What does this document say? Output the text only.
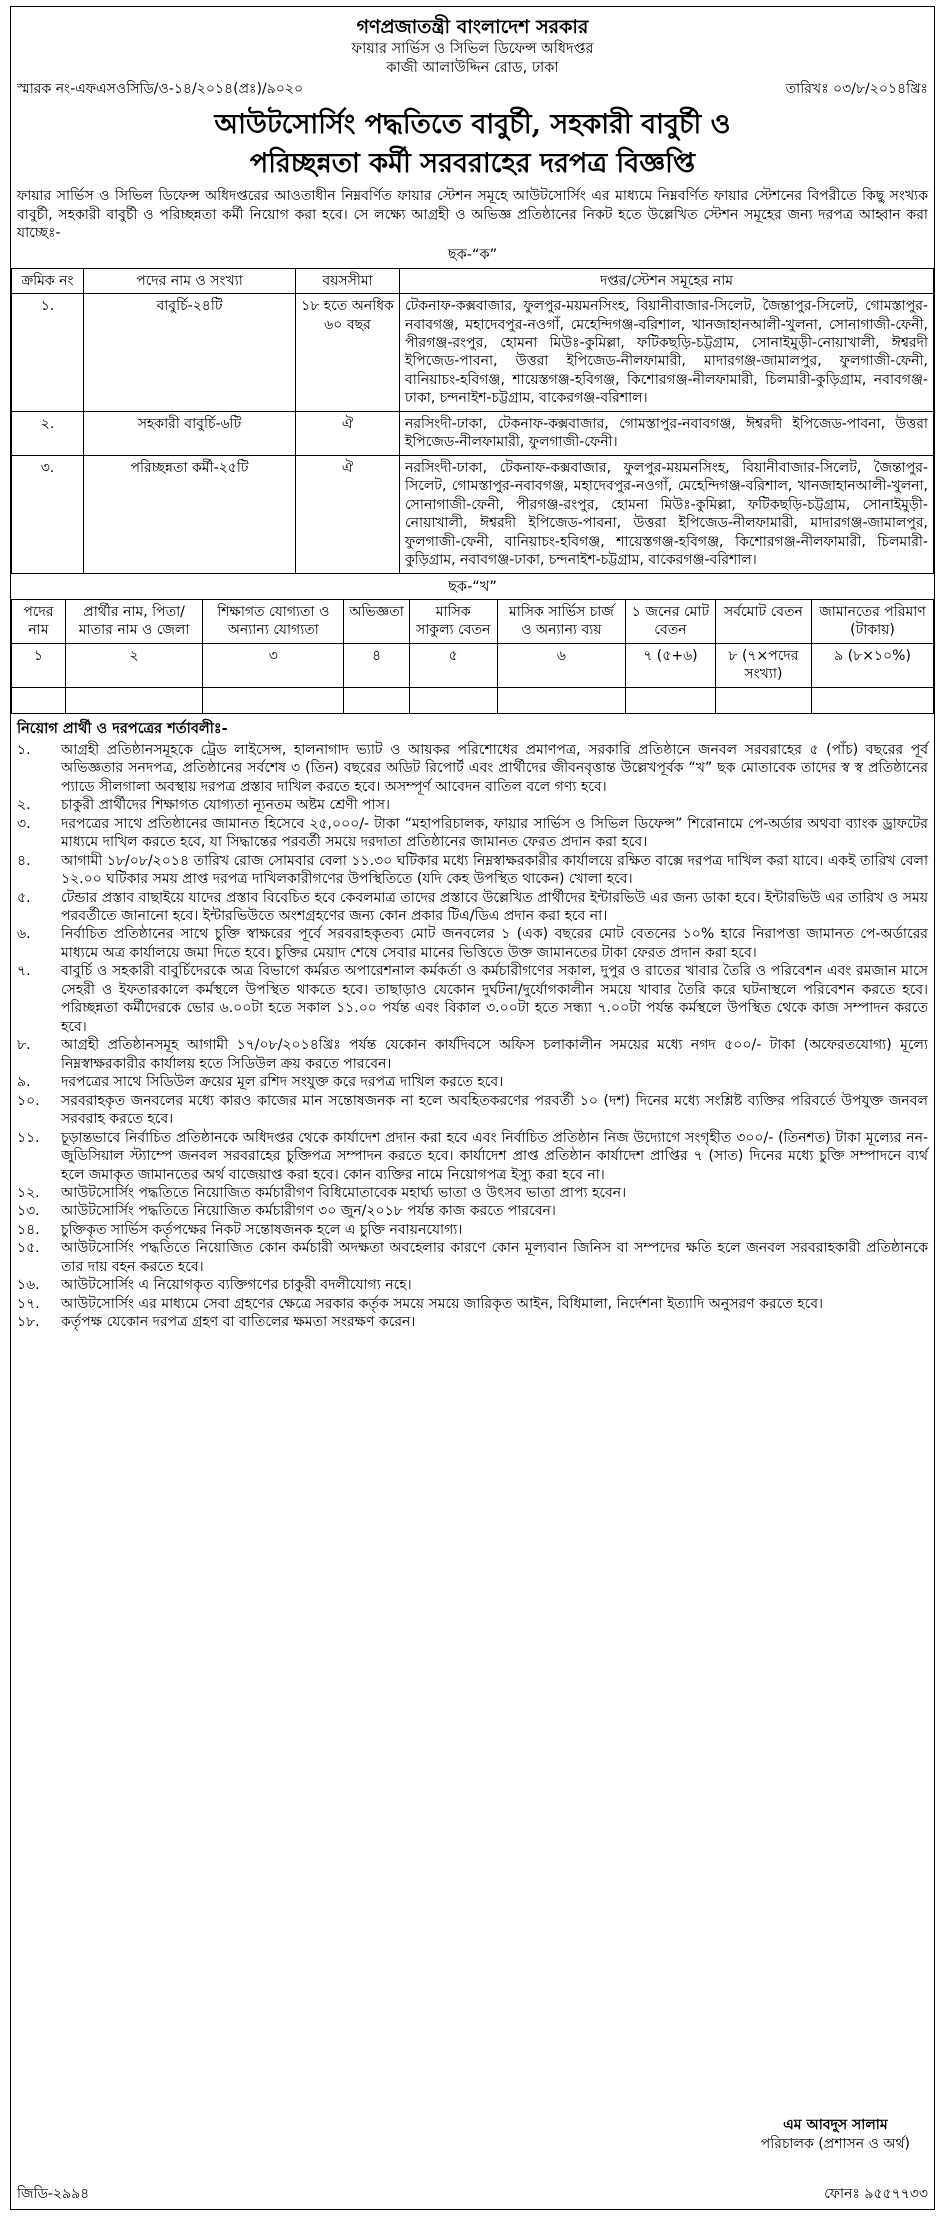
গণপ্রজাতন্ত্রী বাংলাদেশ সরকার
ফায়ার সার্ভিস ও সিভিল ডিফেন্স অধিদপ্তর
কাজী আলাউদ্দিন রোড, ঢাকা
স্মারক নং-এফএসওসিডি/ও-১৪/২০১৪(প্রঃ)/৯০২০	তারিখঃ ০৩/৮/২০১৪খ্রিঃ
আউটসোর্সিং পদ্ধতিতে বাবুর্চী, সহকারী বাবুর্চী ও
পরিচ্ছন্নতা কর্মী সরবরাহের দরপত্র বিজ্ঞপ্তি
ফায়ার সার্ভিস ও সিভিল ডিফেন্স অধিদপ্তরের আওতাধীন নিম্নবর্ণিত ফায়ার স্টেশন সমূহে আউটসোর্সিং এর মাধ্যমে নিম্নবর্ণিত ফায়ার স্টেশনের বিপরীতে কিছু সংখ্যক বাবুর্চী, সহকারী বাবুর্চী ও পরিচ্ছন্নতা কর্মী নিয়োগ করা হবে। সে লক্ষ্যে আগ্রহী ও অভিজ্ঞ প্রতিষ্ঠানের নিকট হতে উল্লেখিত স্টেশন সমূহের জন্য দরপত্র আহ্বান করা যাচ্ছেঃ-
ছক-“ক”
ক্রমিক নং	পদের নাম ও সংখ্যা	বয়সসীমা	দপ্তর/স্টেশন সমূহের নাম
১.	বাবুর্চি-২৪টি	১৮ হতে অনধিক ৬০ বছর	টেকনাফ-কক্সবাজার, ফুলপুর-ময়মনসিংহ, বিয়ানীবাজার-সিলেট, জৈন্তাপুর-সিলেট, গোমস্তাপুর-নবাবগঞ্জ, মহাদেবপুর-নওগাঁ, মেহেন্দিগঞ্জ-বরিশাল, খানজাহানআলী-খুলনা, সোনাগাজী-ফেনী, পীরগঞ্জ-রংপুর, হোমনা মিউঃ-কুমিল্লা, ফটিকছড়ি-চট্টগ্রাম, সোনাইমুড়ী-নোয়াখালী, ঈশ্বরদী ইপিজেড-পাবনা, উত্তরা ইপিজেড-নীলফামারী, মাদারগঞ্জ-জামালপুর, ফুলগাজী-ফেনী, বানিয়াচং-হবিগঞ্জ, শায়েস্তগঞ্জ-হবিগঞ্জ, কিশোরগঞ্জ-নীলফামারী, চিলমারী-কুড়িগ্রাম, নবাবগঞ্জ-ঢাকা, চন্দনাইশ-চট্টগ্রাম, বাকেরগঞ্জ-বরিশাল।
২.	সহকারী বাবুর্চি-৬টি	ঐ	নরসিংদী-ঢাকা, টেকনাফ-কক্সবাজার, গোমস্তাপুর-নবাবগঞ্জ, ঈশ্বরদী ইপিজেড-পাবনা, উত্তরা ইপিজেড-নীলফামারী, ফুলগাজী-ফেনী।
৩.	পরিচ্ছন্নতা কর্মী-২৫টি	ঐ	নরসিংদী-ঢাকা, টেকনাফ-কক্সবাজার, ফুলপুর-ময়মনসিংহ, বিয়ানীবাজার-সিলেট, জৈন্তাপুর-সিলেট, গোমস্তাপুর-নবাবগঞ্জ, মহাদেবপুর-নওগাঁ, মেহেন্দিগঞ্জ-বরিশাল, খানজাহানআলী-খুলনা, সোনাগাজী-ফেনী, পীরগঞ্জ-রংপুর, হোমনা মিউঃ-কুমিল্লা, ফটিকছড়ি-চট্টগ্রাম, সোনাইমুড়ী-নোয়াখালী, ঈশ্বরদী ইপিজেড-পাবনা, উত্তরা ইপিজেড-নীলফামারী, মাদারগঞ্জ-জামালপুর, ফুলগাজী-ফেনী, বানিয়াচং-হবিগঞ্জ, শায়েস্তগঞ্জ-হবিগঞ্জ, কিশোরগঞ্জ-নীলফামারী, চিলমারী-কুড়িগ্রাম, নবাবগঞ্জ-ঢাকা, চন্দনাইশ-চট্টগ্রাম, বাকেরগঞ্জ-বরিশাল।
ছক-“খ”
পদের নাম	প্রার্থীর নাম, পিতা/মাতার নাম ও জেলা	শিক্ষাগত যোগ্যতা ও অন্যান্য যোগ্যতা	অভিজ্ঞতা	মাসিক সাকুল্য বেতন	মাসিক সার্ভিস চার্জ ও অন্যান্য ব্যয়	১ জনের মোট বেতন	সর্বমোট বেতন	জামানতের পরিমাণ (টাকায়)
১	২	৩	৪	৫	৬	৭ (৫+৬)	৮ (৭×পদের সংখ্যা)	৯ (৮×১০%)

নিয়োগ প্রার্থী ও দরপত্রের শর্তাবলীঃ-
১.	আগ্রহী প্রতিষ্ঠানসমূহকে ট্রেড লাইসেন্স, হালনাগাদ ভ্যাট ও আয়কর পরিশোধের প্রমাণপত্র, সরকারি প্রতিষ্ঠানে জনবল সরবরাহের ৫ (পাঁচ) বছরের পূর্ব অভিজ্ঞতার সনদপত্র, প্রতিষ্ঠানের সর্বশেষ ৩ (তিন) বছরের অডিট রিপোর্ট এবং প্রার্থীদের জীবনবৃত্তান্ত উল্লেখপূর্বক “খ” ছক মোতাবেক তাদের স্ব স্ব প্রতিষ্ঠানের প্যাডে সীলগালা অবস্থায় দরপত্র প্রস্তাব দাখিল করতে হবে। অসম্পূর্ণ আবেদন বাতিল বলে গণ্য হবে।
২.	চাকুরী প্রার্থীদের শিক্ষাগত যোগ্যতা ন্যূনতম অষ্টম শ্রেণী পাস।
৩.	দরপত্রের সাথে প্রতিষ্ঠানের জামানত হিসেবে ২৫,০০০/- টাকা “মহাপরিচালক, ফায়ার সার্ভিস ও সিভিল ডিফেন্স” শিরোনামে পে-অর্ডার অথবা ব্যাংক ড্রাফটের মাধ্যমে দাখিল করতে হবে, যা সিদ্ধান্তের পরবর্তী সময়ে দরদাতা প্রতিষ্ঠানের জামানত ফেরত প্রদান করা হবে।
৪.	আগামী ১৮/০৮/২০১৪ তারিখ রোজ সোমবার বেলা ১১.৩০ ঘটিকার মধ্যে নিম্নস্বাক্ষরকারীর কার্যালয়ে রক্ষিত বাক্সে দরপত্র দাখিল করা যাবে। একই তারিখ বেলা ১২.০০ ঘটিকার সময় প্রাপ্ত দরপত্র দাখিলকারীগণের উপস্থিতিতে (যদি কেহ উপস্থিত থাকেন) খোলা হবে।
৫.	টেন্ডার প্রস্তাব বাছাইয়ে যাদের প্রস্তাব বিবেচিত হবে কেবলমাত্র তাদের প্রস্তাবে উল্লেখিত প্রার্থীদের ইন্টারভিউ এর জন্য ডাকা হবে। ইন্টারভিউ এর তারিখ ও সময় পরবর্তীতে জানানো হবে। ইন্টারভিউতে অংশগ্রহণের জন্য কোন প্রকার টিএ/ডিএ প্রদান করা হবে না।
৬.	নির্বাচিত প্রতিষ্ঠানের সাথে চুক্তি স্বাক্ষরের পূর্বে সরবরাহকৃতব্য মোট জনবলের ১ (এক) বছরের মোট বেতনের ১০% হারে নিরাপত্তা জামানত পে-অর্ডারের মাধ্যমে অত্র কার্যালয়ে জমা দিতে হবে। চুক্তির মেয়াদ শেষে সেবার মানের ভিত্তিতে উক্ত জামানতের টাকা ফেরত প্রদান করা হবে।
৭.	বাবুর্চি ও সহকারী বাবুর্চিদেরকে অত্র বিভাগে কর্মরত অপারেশনাল কর্মকর্তা ও কর্মচারীগণের সকাল, দুপুর ও রাতের খাবার তৈরি ও পরিবেশন এবং রমজান মাসে সেহরী ও ইফতারকালে কর্মস্থলে উপস্থিত থাকতে হবে। তাছাড়াও যেকোন দুর্ঘটনা/দুর্যোগকালীন সময়ে খাবার তৈরি করে ঘটনাস্থলে পরিবেশন করতে হবে। পরিচ্ছন্নতা কর্মীদেরকে ভোর ৬.০০টা হতে সকাল ১১.০০ পর্যন্ত এবং বিকাল ৩.০০টা হতে সন্ধ্যা ৭.০০টা পর্যন্ত কর্মস্থলে উপস্থিত থেকে কাজ সম্পাদন করতে হবে।
৮.	আগ্রহী প্রতিষ্ঠানসমূহ আগামী ১৭/০৮/২০১৪খ্রিঃ পর্যন্ত যেকোন কার্যদিবসে অফিস চলাকালীন সময়ের মধ্যে নগদ ৫০০/- টাকা (অফেরতযোগ্য) মূল্যে নিম্নস্বাক্ষরকারীর কার্যালয় হতে সিডিউল ক্রয় করতে পারবেন।
৯.	দরপত্রের সাথে সিডিউল ক্রয়ের মূল রশিদ সংযুক্ত করে দরপত্র দাখিল করতে হবে।
১০.	সরবরাহকৃত জনবলের মধ্যে কারও কাজের মান সন্তোষজনক না হলে অবহিতকরণের পরবর্তী ১০ (দশ) দিনের মধ্যে সংশ্লিষ্ট ব্যক্তির পরিবর্তে উপযুক্ত জনবল সরবরাহ করতে হবে।
১১.	চূড়ান্তভাবে নির্বাচিত প্রতিষ্ঠানকে অধিদপ্তর থেকে কার্যাদেশ প্রদান করা হবে এবং নির্বাচিত প্রতিষ্ঠান নিজ উদ্যোগে সংগৃহীত ৩০০/- (তিনশত) টাকা মূল্যের নন-জুডিসিয়াল স্ট্যাম্পে জনবল সরবরাহের চুক্তিপত্র সম্পাদন করতে হবে। কার্যাদেশ প্রাপ্ত প্রতিষ্ঠান কার্যাদেশ প্রাপ্তির ৭ (সাত) দিনের মধ্যে চুক্তি সম্পাদনে ব্যর্থ হলে জমাকৃত জামানতের অর্থ বাজেয়াপ্ত করা হবে। কোন ব্যক্তির নামে নিয়োগপত্র ইস্যু করা হবে না।
১২.	আউটসোর্সিং পদ্ধতিতে নিয়োজিত কর্মচারীগণ বিধিমোতাবেক মহার্ঘ্য ভাতা ও উৎসব ভাতা প্রাপ্য হবেন।
১৩.	আউটসোর্সিং পদ্ধতিতে নিয়োজিত কর্মচারীগণ ৩০ জুন/২০১৮ পর্যন্ত কাজ করতে পারবেন।
১৪.	চুক্তিকৃত সার্ভিস কর্তৃপক্ষের নিকট সন্তোষজনক হলে এ চুক্তি নবায়নযোগ্য।
১৫.	আউটসোর্সিং পদ্ধতিতে নিয়োজিত কোন কর্মচারী অদক্ষতা অবহেলার কারণে কোন মূল্যবান জিনিস বা সম্পদের ক্ষতি হলে জনবল সরবরাহকারী প্রতিষ্ঠানকে তার দায় বহন করতে হবে।
১৬.	আউটসোর্সিং এ নিয়োগকৃত ব্যক্তিগণের চাকুরী বদলীযোগ্য নহে।
১৭.	আউটসোর্সিং এর মাধ্যমে সেবা গ্রহণের ক্ষেত্রে সরকার কর্তৃক সময়ে সময়ে জারিকৃত আইন, বিধিমালা, নির্দেশনা ইত্যাদি অনুসরণ করতে হবে।
১৮.	কর্তৃপক্ষ যেকোন দরপত্র গ্রহণ বা বাতিলের ক্ষমতা সংরক্ষণ করেন।
এম আবদুস সালাম
পরিচালক (প্রশাসন ও অর্থ)
জিডি-২৯৯৪	ফোনঃ ৯৫৫৭৭৩৩
